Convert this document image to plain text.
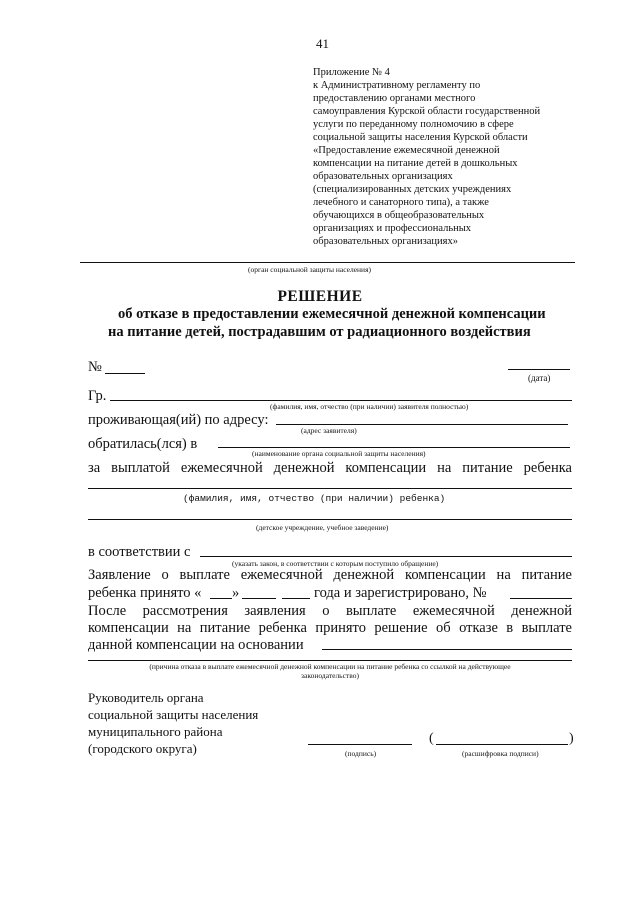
41
Приложение № 4
к Административному регламенту по
предоставлению органами местного
самоуправления Курской области государственной
услуги по переданному полномочию в сфере
социальной защиты населения Курской области
«Предоставление ежемесячной денежной
компенсации на питание детей в дошкольных
образовательных организациях
(специализированных детских учреждениях
лечебного и санаторного типа), а также
обучающихся в общеобразовательных
организациях и профессиональных
образовательных организациях»
(орган социальной защиты населения)
РЕШЕНИЕ
об отказе в предоставлении ежемесячной денежной компенсации
на питание детей, пострадавшим от радиационного воздействия
№
(дата)
Гр.
(фамилия, имя, отчество (при наличии) заявителя полностью)
проживающая(ий) по адресу:
(адрес заявителя)
обратилась(лся) в
(наименование органа социальной защиты населения)
за выплатой ежемесячной денежной компенсации на питание ребенка
(фамилия, имя, отчество (при наличии) ребенка)
(детское учреждение, учебное заведение)
в соответствии с
(указать закон, в соответствии с которым поступило обращение)
Заявление о выплате ежемесячной денежной компенсации на питание
ребенка принято « »	года и зарегистрировано, №
После рассмотрения заявления о выплате ежемесячной денежной
компенсации на питание ребенка принято решение об отказе в выплате
данной компенсации на основании
(причина отказа в выплате ежемесячной денежной компенсации на питание ребенка со ссылкой на действующее
законодательство)
Руководитель органа
социальной защиты населения
муниципального района
(городского округа)	(подпись)
(	)
(расшифровка подписи)
